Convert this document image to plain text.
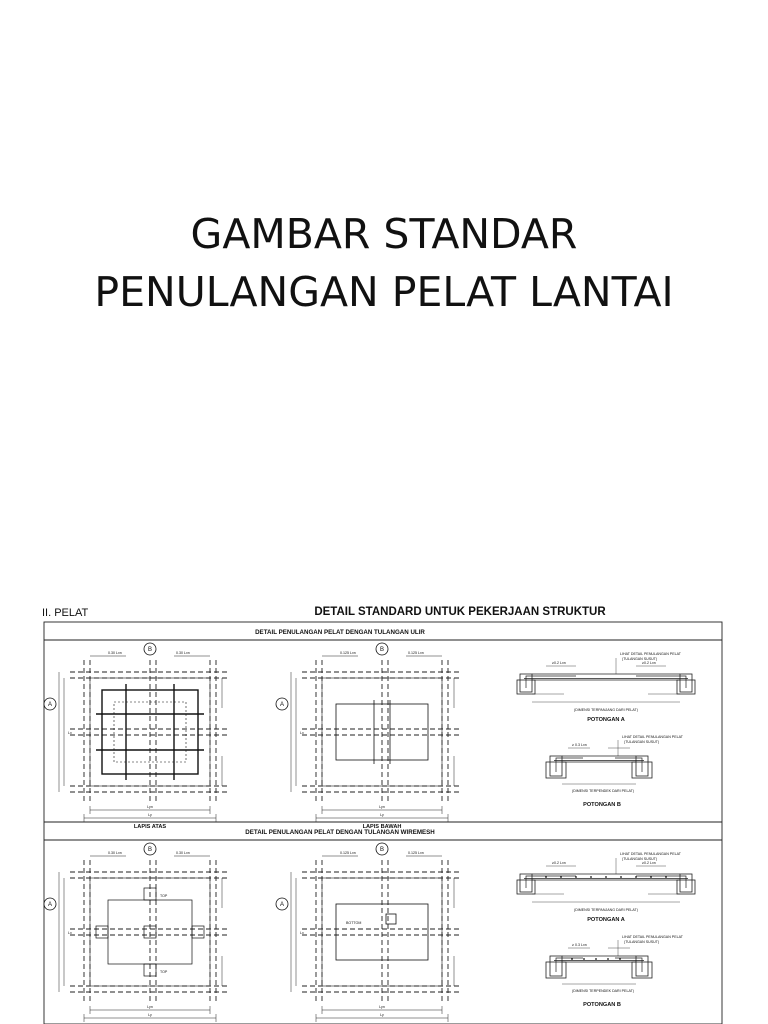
GAMBAR STANDAR
PENULANGAN PELAT LANTAI
II. PELAT	DETAIL STANDARD UNTUK PEKERJAAN STRUKTUR
DETAIL PENULANGAN PELAT DENGAN TULANGAN ULIR
DETAIL PENULANGAN PELAT DENGAN TULANGAN WIREMESH
B
A
0.30 Lxn	0.30 Lxn
Lyn
Ly
Lx
LAPIS ATAS
B
A
0.125 Lxn	0.125 Lxn
Lyn
Ly
Lx
LAPIS BAWAH
LIHAT DETAIL PENULANGAN PELAT
(TULANGAN SUSUT)
≥0.2 Lxn	≥0.2 Lxn
(DIMENSI TERPANJANG DARI PELAT)
POTONGAN A
LIHAT DETAIL PENULANGAN PELAT
(TULANGAN SUSUT)
≥ 0.3 Lxn
(DIMENSI TERPENDEK DARI PELAT)
POTONGAN B
TOP
TOP
B
A
0.30 Lxn	0.30 Lxn
Lyn
Ly
Lx
BOTTOM
B
A
0.125 Lxn	0.125 Lxn
Lyn
Ly
Lx
LIHAT DETAIL PENULANGAN PELAT
(TULANGAN SUSUT)
≥0.2 Lxn	≥0.2 Lxn
(DIMENSI TERPANJANG DARI PELAT)
POTONGAN A
LIHAT DETAIL PENULANGAN PELAT
(TULANGAN SUSUT)
≥ 0.3 Lxn
(DIMENSI TERPENDEK DARI PELAT)
POTONGAN B
